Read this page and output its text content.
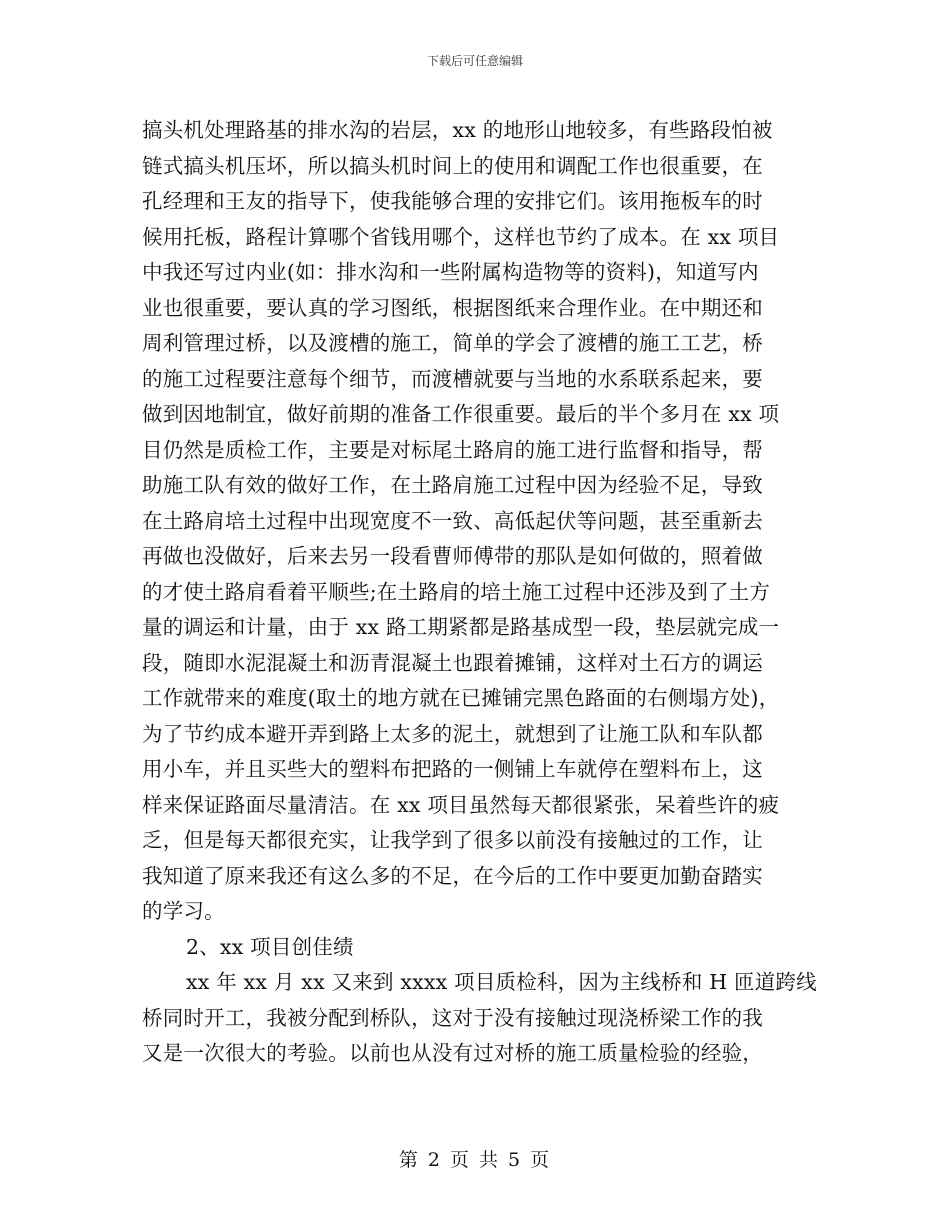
下载后可任意编辑
搞头机处理路基的排水沟的岩层，xx 的地形山地较多，有些路段怕被
链式搞头机压坏，所以搞头机时间上的使用和调配工作也很重要，在
孔经理和王友的指导下，使我能够合理的安排它们。该用拖板车的时
候用托板，路程计算哪个省钱用哪个，这样也节约了成本。在 xx 项目
中我还写过内业(如：排水沟和一些附属构造物等的资料)，知道写内
业也很重要，要认真的学习图纸，根据图纸来合理作业。在中期还和
周利管理过桥，以及渡槽的施工，简单的学会了渡槽的施工工艺，桥
的施工过程要注意每个细节，而渡槽就要与当地的水系联系起来，要
做到因地制宜，做好前期的准备工作很重要。最后的半个多月在 xx 项
目仍然是质检工作，主要是对标尾土路肩的施工进行监督和指导，帮
助施工队有效的做好工作，在土路肩施工过程中因为经验不足，导致
在土路肩培土过程中出现宽度不一致、高低起伏等问题，甚至重新去
再做也没做好，后来去另一段看曹师傅带的那队是如何做的，照着做
的才使土路肩看着平顺些;在土路肩的培土施工过程中还涉及到了土方
量的调运和计量，由于 xx 路工期紧都是路基成型一段，垫层就完成一
段，随即水泥混凝土和沥青混凝土也跟着摊铺，这样对土石方的调运
工作就带来的难度(取土的地方就在已摊铺完黑色路面的右侧塌方处)，
为了节约成本避开弄到路上太多的泥土，就想到了让施工队和车队都
用小车，并且买些大的塑料布把路的一侧铺上车就停在塑料布上，这
样来保证路面尽量清洁。在 xx 项目虽然每天都很紧张，呆着些许的疲
乏，但是每天都很充实，让我学到了很多以前没有接触过的工作，让
我知道了原来我还有这么多的不足，在今后的工作中要更加勤奋踏实
的学习。
2、xx 项目创佳绩
xx 年 xx 月 xx 又来到 xxxx 项目质检科，因为主线桥和 H 匝道跨线
桥同时开工，我被分配到桥队，这对于没有接触过现浇桥梁工作的我
又是一次很大的考验。以前也从没有过对桥的施工质量检验的经验，
第 2 页 共 5 页
